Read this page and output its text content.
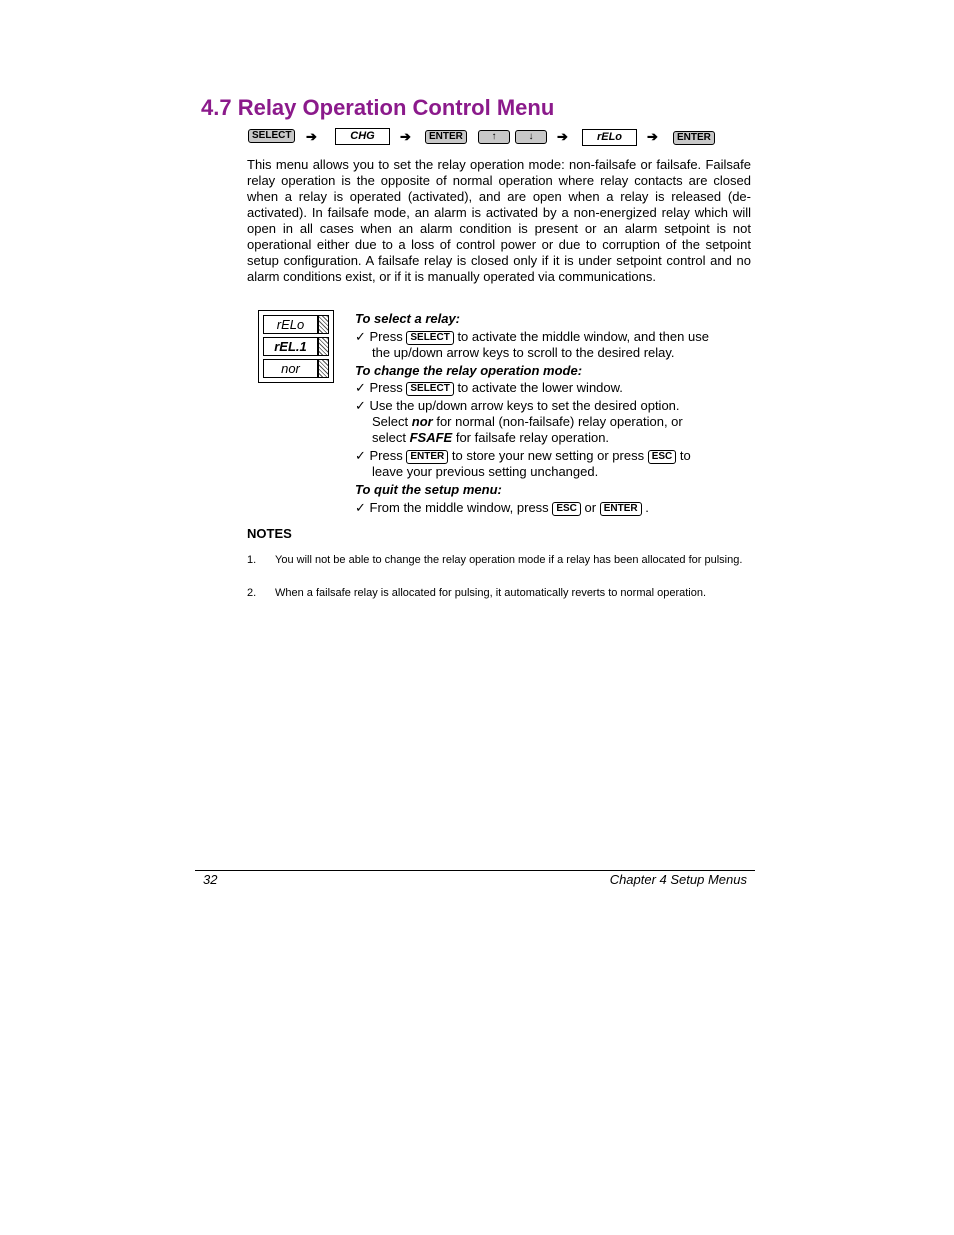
4.7 Relay Operation Control Menu
SELECT	➔	CHG	➔	ENTER	↑	↓	➔	rELo	➔	ENTER
This menu allows you to set the relay operation mode: non-failsafe or failsafe. Failsafe relay operation is the opposite of normal operation where relay contacts are closed when a relay is operated (activated), and are open when a relay is released (de-activated). In failsafe mode, an alarm is activated by a non-energized relay which will open in all cases when an alarm condition is present or an alarm setpoint is not operational either due to a loss of control power or due to corruption of the setpoint setup configuration. A failsafe relay is closed only if it is under setpoint control and no alarm conditions exist, or if it is manually operated via communications.
rELo
rEL.1
nor
To select a relay:
✓ Press SELECT to activate the middle window, and then use
the up/down arrow keys to scroll to the desired relay.
To change the relay operation mode:
✓ Press SELECT to activate the lower window.
✓ Use the up/down arrow keys to set the desired option.
Select nor for normal (non-failsafe) relay operation, or
select FSAFE for failsafe relay operation.
✓ Press ENTER to store your new setting or press ESC to
leave your previous setting unchanged.
To quit the setup menu:
✓ From the middle window, press ESC or ENTER .
NOTES
1. You will not be able to change the relay operation mode if a relay has been allocated for pulsing.
2. When a failsafe relay is allocated for pulsing, it automatically reverts to normal operation.
32	Chapter 4 Setup Menus
